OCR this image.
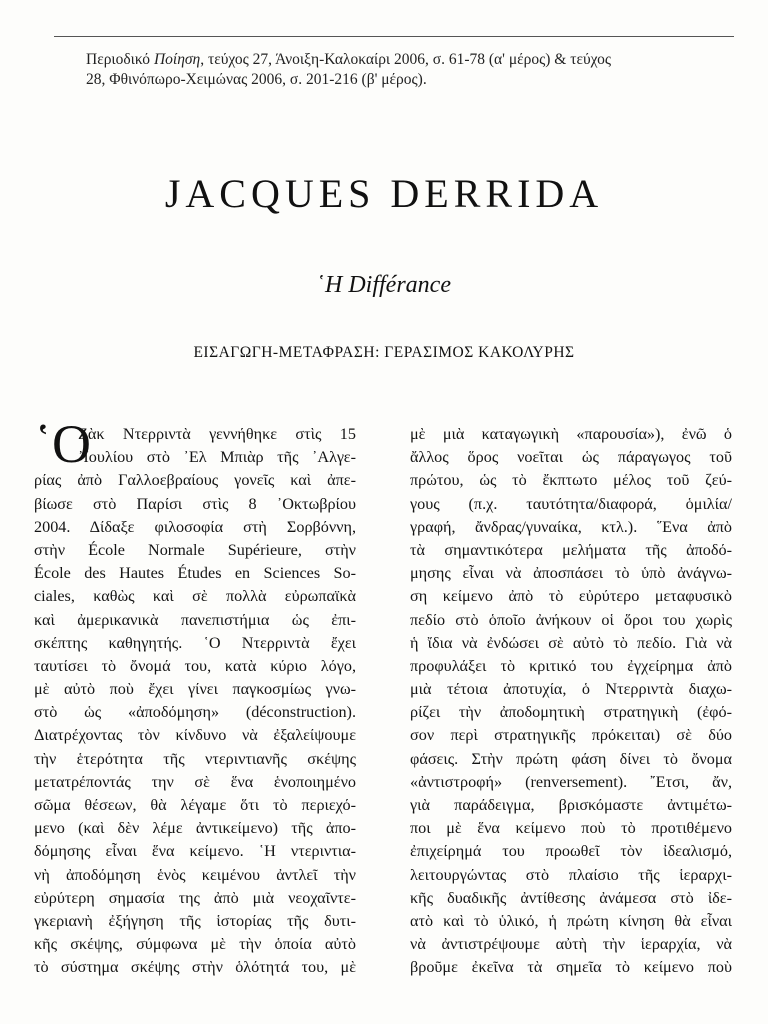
Περιοδικό Ποίηση, τεύχος 27, Άνοιξη-Καλοκαίρι 2006, σ. 61-78 (α' μέρος) & τεύχος
28, Φθινόπωρο-Χειμώνας 2006, σ. 201-216 (β' μέρος).
JACQUES DERRIDA
῾Η Différance
ΕΙΣΑΓΩΓΗ-ΜΕΤΑΦΡΑΣΗ: ΓΕΡΑΣΙΜΟΣ ΚΑΚΟΛΥΡΗΣ
῾Ο
Ζὰκ Ντερριντὰ γεννήθηκε στὶς 15
᾿Ιουλίου στὸ ᾿Ελ Μπιὰρ τῆς ᾿Αλγε-
ρίας ἀπὸ Γαλλοεβραίους γονεῖς καὶ ἀπε-
βίωσε στὸ Παρίσι στὶς 8 ᾿Οκτωβρίου
2004. Δίδαξε φιλοσοφία στὴ Σορβόννη,
στὴν École Normale Supérieure, στὴν
École des Hautes Études en Sciences So-
ciales, καθὼς καὶ σὲ πολλὰ εὐρωπαϊκὰ
καὶ ἀμερικανικὰ πανεπιστήμια ὡς ἐπι-
σκέπτης καθηγητής. ῾Ο Ντερριντὰ ἔχει
ταυτίσει τὸ ὄνομά του, κατὰ κύριο λόγο,
μὲ αὐτὸ ποὺ ἔχει γίνει παγκοσμίως γνω-
στὸ ὡς «ἀποδόμηση» (déconstruction).
Διατρέχοντας τὸν κίνδυνο νὰ ἐξαλείψουμε
τὴν ἑτερότητα τῆς ντεριντιανῆς σκέψης
μετατρέποντάς την σὲ ἕνα ἑνοποιημένο
σῶμα θέσεων, θὰ λέγαμε ὅτι τὸ περιεχό-
μενο (καὶ δὲν λέμε ἀντικείμενο) τῆς ἀπο-
δόμησης εἶναι ἕνα κείμενο. ῾Η ντεριντια-
νὴ ἀποδόμηση ἑνὸς κειμένου ἀντλεῖ τὴν
εὐρύτερη σημασία της ἀπὸ μιὰ νεοχαῖντε-
γκεριανὴ ἐξήγηση τῆς ἱστορίας τῆς δυτι-
κῆς σκέψης, σύμφωνα μὲ τὴν ὁποία αὐτὸ
τὸ σύστημα σκέψης στὴν ὁλότητά του, μὲ
μὲ μιὰ καταγωγικὴ «παρουσία»), ἐνῶ ὁ
ἄλλος ὅρος νοεῖται ὡς πάραγωγος τοῦ
πρώτου, ὡς τὸ ἔκπτωτο μέλος τοῦ ζεύ-
γους (π.χ. ταυτότητα/διαφορά, ὁμιλία/
γραφή, ἄνδρας/γυναίκα, κτλ.). ῞Ενα ἀπὸ
τὰ σημαντικότερα μελήματα τῆς ἀποδό-
μησης εἶναι νὰ ἀποσπάσει τὸ ὑπὸ ἀνάγνω-
ση κείμενο ἀπὸ τὸ εὐρύτερο μεταφυσικὸ
πεδίο στὸ ὁποῖο ἀνήκουν οἱ ὅροι του χωρὶς
ἡ ἴδια νὰ ἐνδώσει σὲ αὐτὸ τὸ πεδίο. Γιὰ νὰ
προφυλάξει τὸ κριτικό του ἐγχείρημα ἀπὸ
μιὰ τέτοια ἀποτυχία, ὁ Ντερριντὰ διαχω-
ρίζει τὴν ἀποδομητικὴ στρατηγικὴ (ἐφό-
σον περὶ στρατηγικῆς πρόκειται) σὲ δύο
φάσεις. Στὴν πρώτη φάση δίνει τὸ ὄνομα
«ἀντιστροφή» (renversement). ῎Ετσι, ἄν,
γιὰ παράδειγμα, βρισκόμαστε ἀντιμέτω-
ποι μὲ ἕνα κείμενο ποὺ τὸ προτιθέμενο
ἐπιχείρημά του προωθεῖ τὸν ἰδεαλισμό,
λειτουργώντας στὸ πλαίσιο τῆς ἱεραρχι-
κῆς δυαδικῆς ἀντίθεσης ἀνάμεσα στὸ ἰδε-
ατὸ καὶ τὸ ὑλικό, ἡ πρώτη κίνηση θὰ εἶναι
νὰ ἀντιστρέψουμε αὐτὴ τὴν ἱεραρχία, νὰ
βροῦμε ἐκεῖνα τὰ σημεῖα τὸ κείμενο ποὺ
